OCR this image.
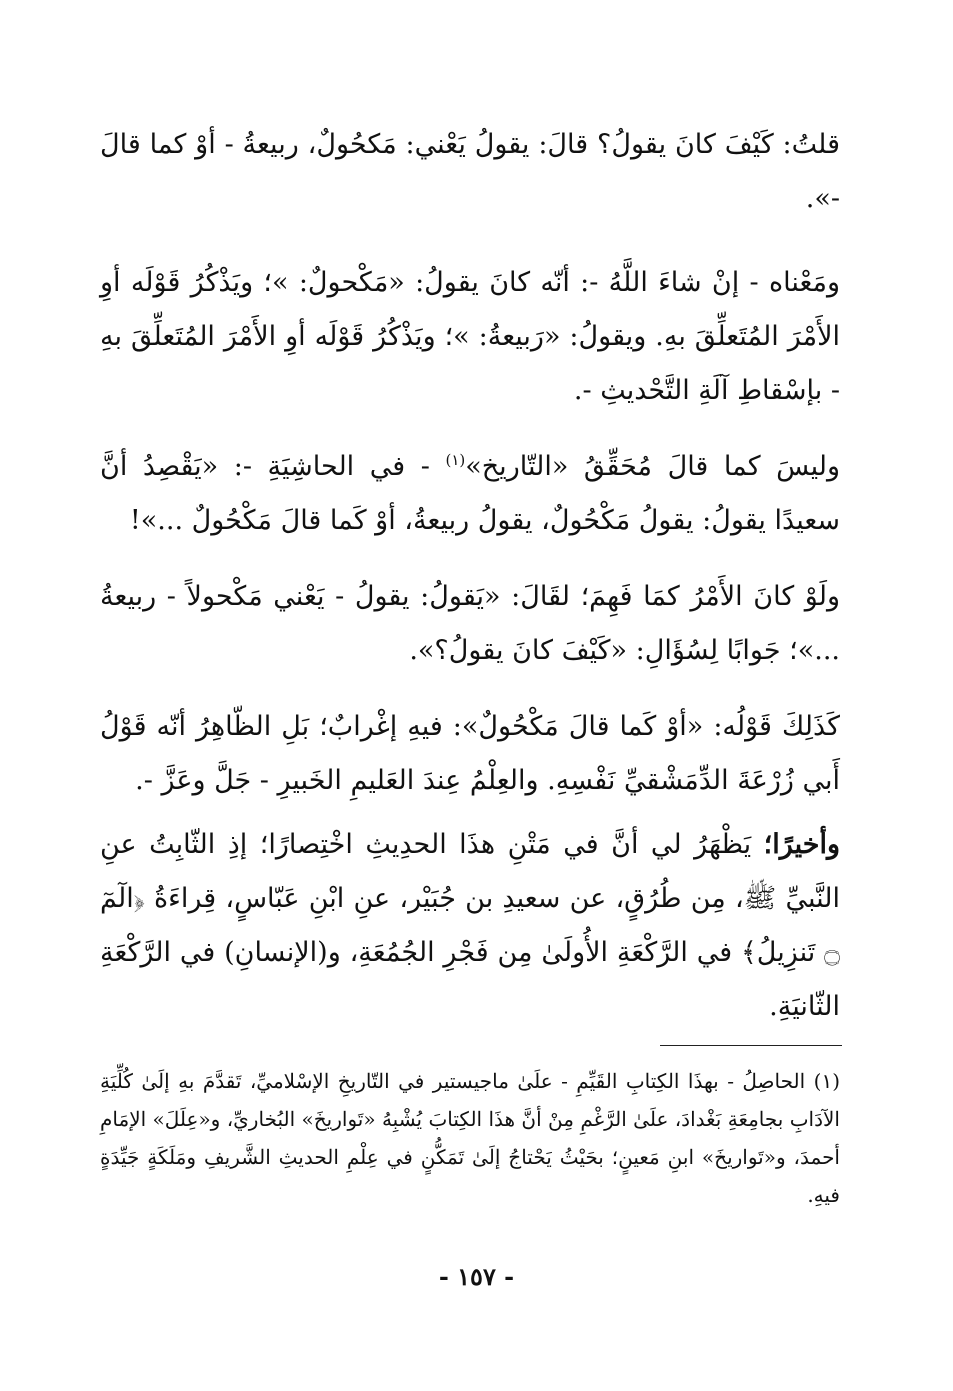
قلتُ: كَيْفَ كانَ يقولُ؟ قالَ: يقولُ يَعْني: مَكحُولٌ، ربيعةُ - أوْ كما قالَ -».

ومَعْناه - إنْ شاءَ اللَّهُ -: أنّه كانَ يقولُ: «مَكْحولٌ: »؛ ويَذْكُرُ قَوْلَه أوِ الأَمْرَ المُتَعلِّقَ بهِ. ويقولُ: «رَبيعةُ: »؛ ويَذْكُرُ قَوْلَه أوِ الأَمْرَ المُتَعلِّقَ بهِ - بإسْقاطِ آلَةِ التَّحْديثِ -.

وليسَ كما قالَ مُحَقِّقُ «التّاريخ»$^{(١)}$ - في الحاشِيَةِ -: «يَقْصِدُ أنَّ سعيدًا يقولُ: يقولُ مَكْحُولٌ، يقولُ ربيعةُ، أوْ كَما قالَ مَكْحُولٌ ...»!

ولَوْ كانَ الأَمْرُ كمَا فَهِمَ؛ لقَالَ: «يَقولُ: يقولُ - يَعْني مَكْحولاً - ربيعةُ ...»؛ جَوابًا لِسُؤَالِ: «كَيْفَ كانَ يقولُ؟».

كَذَلِكَ قَوْلُه: «أوْ كَما قالَ مَكْحُولٌ»: فيهِ إغْرابٌ؛ بَلِ الظّاهِرُ أنّه قَوْلُ أَبي زُرْعَةَ الدِّمَشْقيِّ نَفْسِهِ. والعِلْمُ عِندَ العَليمِ الخَبيرِ - جَلَّ وعَزَّ -.

وأخيرًا؛ يَظْهَرُ لي أنَّ في مَتْنِ هذَا الحدِيثِ اخْتِصارًا؛ إذِ الثّابِتُ عنِ النَّبيِّ ﷺ، مِن طُرُقٍ، عن سعيدِ بن جُبَيْر، عنِ ابْنِ عَبّاسٍ، قِراءَةُ ﴿الٓمٓ ۝ تَنزِيلُ﴾ في الرَّكْعَةِ الأُولَىٰ مِن فَجْرِ الجُمُعَةِ، و(الإنسانِ) في الرَّكْعَةِ الثّانيَةِ.

(١) الحاصِلُ - بهذَا الكِتابِ القَيِّمِ - علَىٰ ماجيستير في التّاريخِ الإسْلاميِّ، تَقدَّمَ بهِ إلَىٰ كُلِّيَةِ الآدَابِ بجامِعَةِ بَغْدادَ، علَىٰ الرَّغْمِ مِنْ أنَّ هذَا الكِتابَ يُشْبِهُ «تَواريخَ» البُخاريِّ، و«عِلَلَ» الإمَامِ أحمدَ، و«تَواريخَ» ابنِ مَعينٍ؛ بحَيْثُ يَحْتاجُ إلَىٰ تَمَكُّنٍ في عِلْمِ الحديثِ الشَّريفِ ومَلَكَةٍ جَيِّدَةٍ فيهِ.

- ١٥٧ -
